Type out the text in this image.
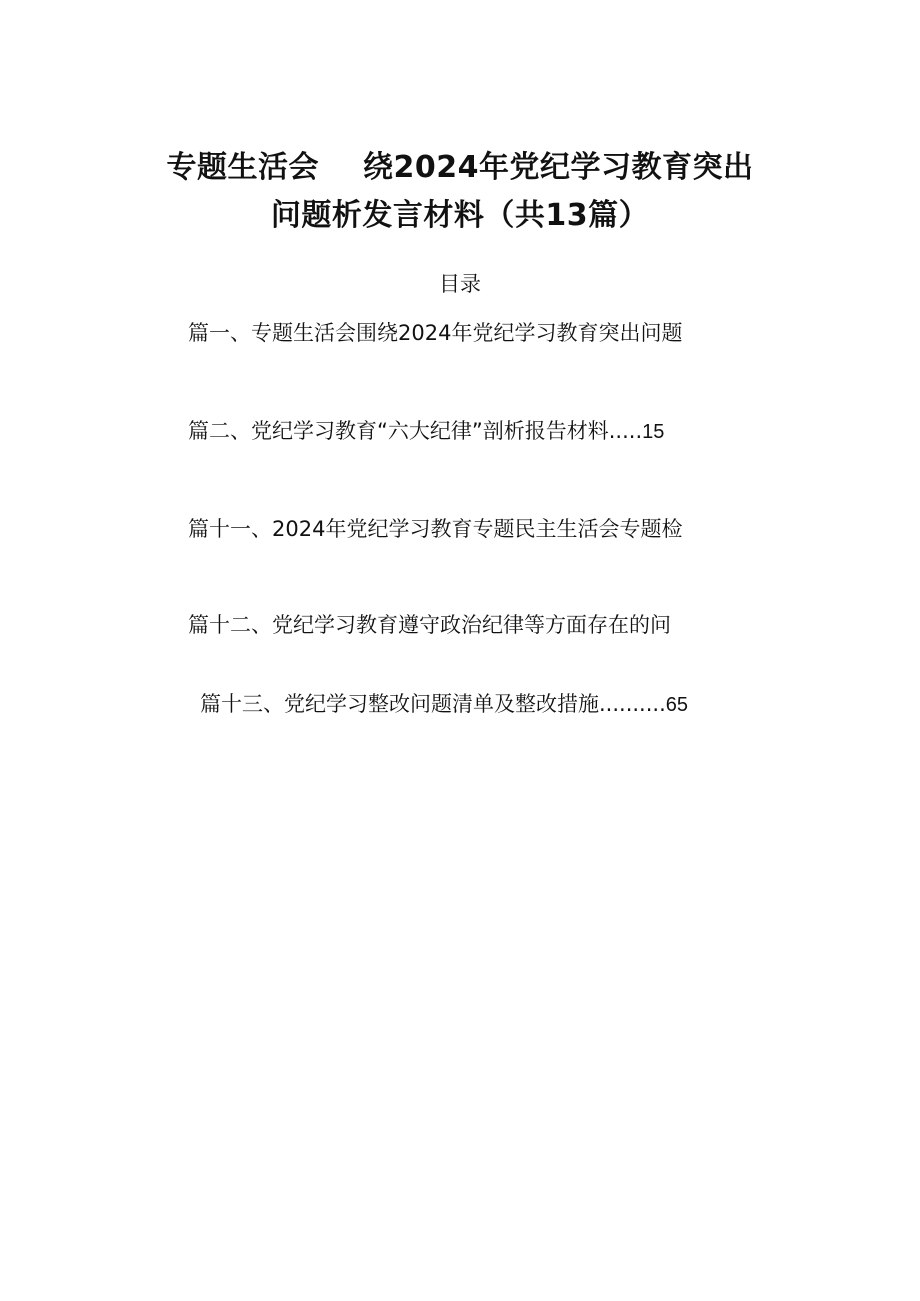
专题生活会 绕2024年党纪学习教育突出
问题析发言材料（共13篇）
目录
篇一、专题生活会围绕2024年党纪学习教育突出问题
篇二、党纪学习教育“六大纪律”剖析报告材料.....15
篇十一、2024年党纪学习教育专题民主生活会专题检
篇十二、党纪学习教育遵守政治纪律等方面存在的问
篇十三、党纪学习整改问题清单及整改措施..........65
